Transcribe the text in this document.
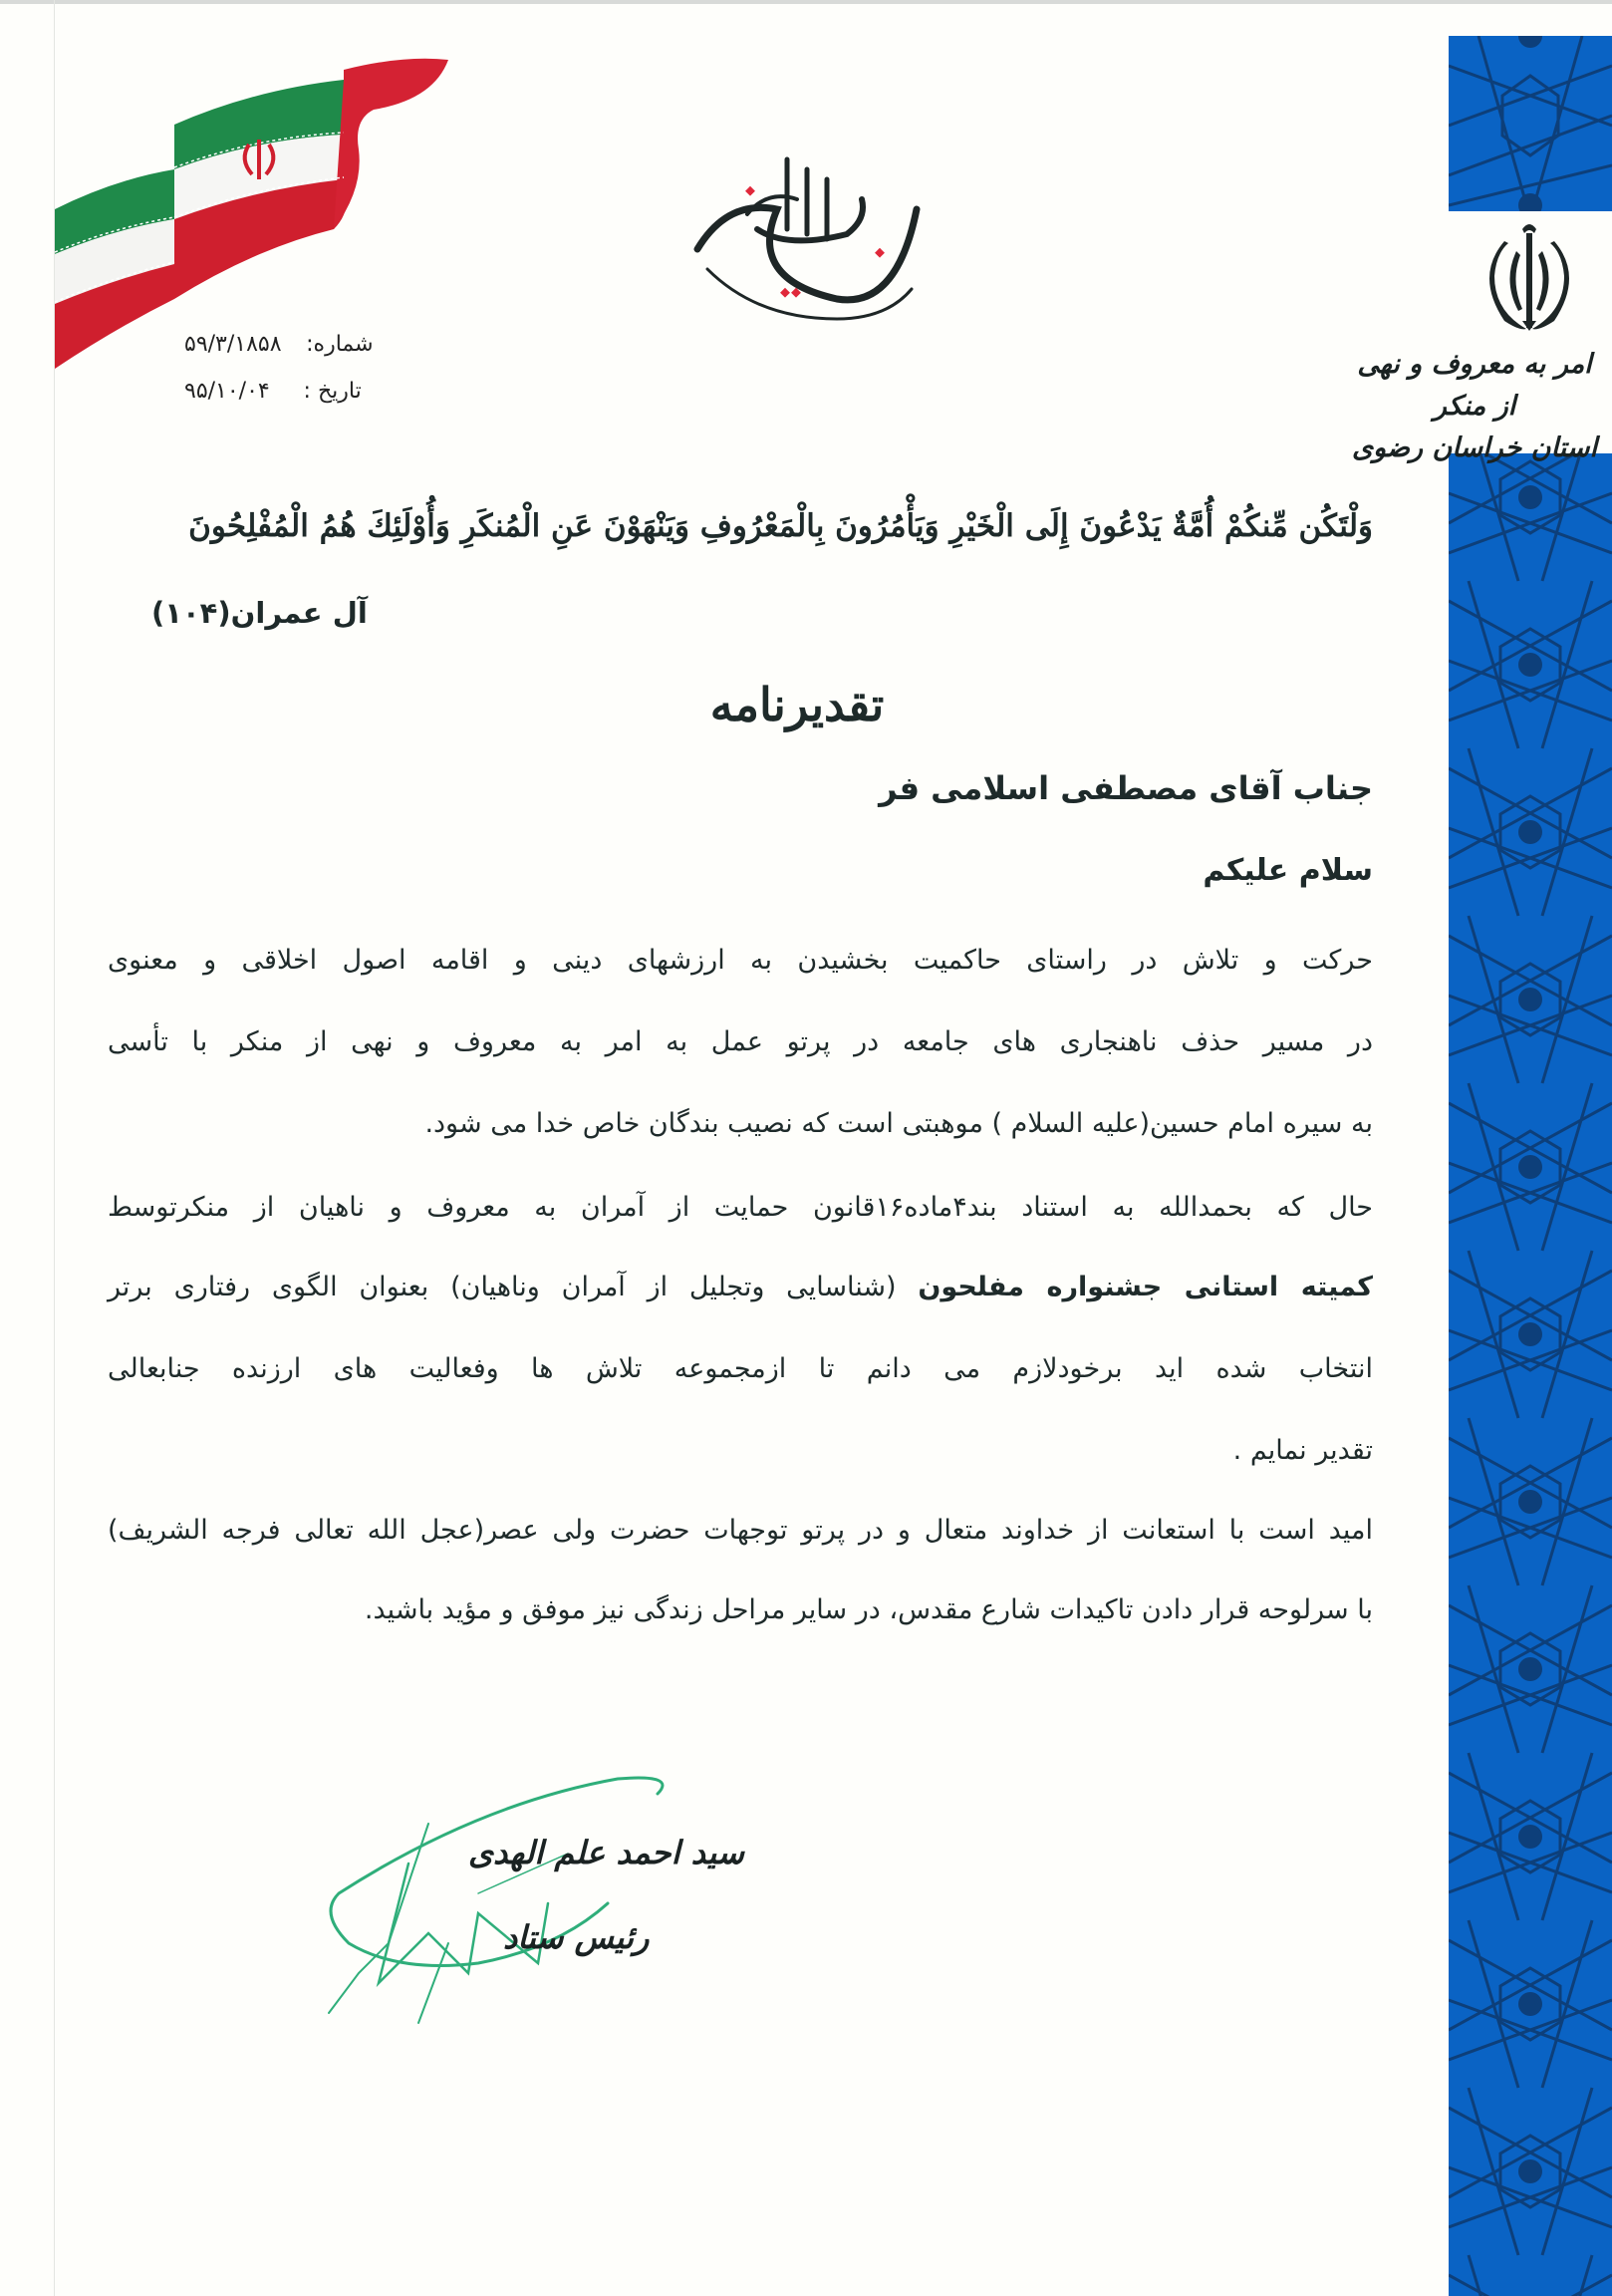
امر به معروف و نهی از منکر
استان خراسان رضوی
شماره:
۵۹/۳/۱۸۵۸
تاریخ :
۹۵/۱۰/۰۴
وَلْتَكُن مِّنكُمْ أُمَّةٌ يَدْعُونَ إِلَى الْخَيْرِ وَيَأْمُرُونَ بِالْمَعْرُوفِ وَيَنْهَوْنَ عَنِ الْمُنكَرِ وَأُوْلَئِكَ هُمُ الْمُفْلِحُونَ
آل عمران(۱۰۴)
تقدیرنامه
جناب آقای مصطفی اسلامی فر
سلام علیکم
حرکت و تلاش در راستای حاکمیت بخشیدن به ارزشهای دینی و اقامه اصول اخلاقی و معنوی
در مسیر حذف ناهنجاری های جامعه در پرتو عمل به امر به معروف و نهی از منکر با تأسی
به سیره امام حسین(علیه السلام ) موهبتی است که نصیب بندگان خاص خدا می شود.
حال که بحمدالله به استناد بند۴ماده۱۶قانون حمایت از آمران به معروف و ناهیان از منکرتوسط
کمیته استانی جشنواره مفلحون (شناسایی وتجلیل از آمران وناهیان) بعنوان الگوی رفتاری برتر
انتخاب شده اید برخودلازم می دانم تا ازمجموعه تلاش ها وفعالیت های ارزنده جنابعالی
تقدیر نمایم .
امید است با استعانت از خداوند متعال و در پرتو توجهات حضرت ولی عصر(عجل الله تعالی فرجه الشریف)
با سرلوحه قرار دادن تاکیدات شارع مقدس، در سایر مراحل زندگی نیز موفق و مؤید باشید.
سید احمد علم الهدی
رئیس ستاد
